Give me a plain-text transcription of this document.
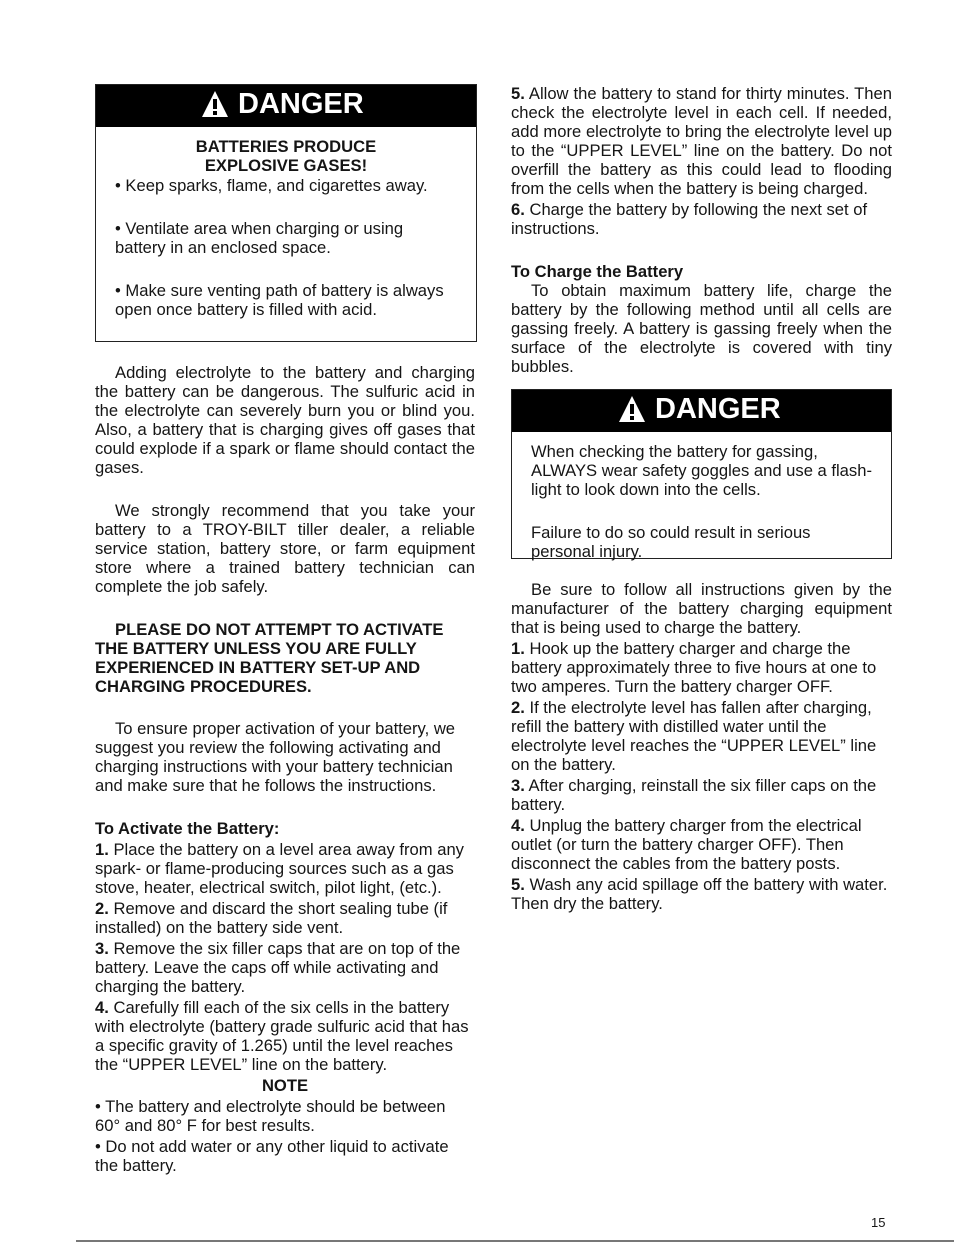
DANGER
BATTERIES PRODUCE
EXPLOSIVE GASES!

• Keep sparks, flame, and cigarettes away.

• Ventilate area when charging or using battery in an enclosed space.

• Make sure venting path of battery is always open once battery is filled with acid.

Adding electrolyte to the battery and charging the battery can be dangerous. The sulfuric acid in the electrolyte can severely burn you or blind you. Also, a battery that is charging gives off gases that could explode if a spark or flame should contact the gases.

We strongly recommend that you take your battery to a TROY-BILT tiller dealer, a reliable service station, battery store, or farm equipment store where a trained battery technician can complete the job safely.

PLEASE DO NOT ATTEMPT TO ACTIVATE THE BATTERY UNLESS YOU ARE FULLY EXPERIENCED IN BATTERY SET-UP AND CHARGING PROCEDURES.

To ensure proper activation of your battery, we suggest you review the following activating and charging instructions with your battery technician and make sure that he follows the instructions.

To Activate the Battery:

1. Place the battery on a level area away from any spark- or flame-producing sources such as a gas stove, heater, electrical switch, pilot light, (etc.).

2. Remove and discard the short sealing tube (if installed) on the battery side vent.

3. Remove the six filler caps that are on top of the battery. Leave the caps off while activating and charging the battery.

4. Carefully fill each of the six cells in the battery with electrolyte (battery grade sulfuric acid that has a specific gravity of 1.265) until the level reaches the “UPPER LEVEL” line on the battery.

NOTE

• The battery and electrolyte should be between 60° and 80° F for best results.

• Do not add water or any other liquid to activate the battery.

5. Allow the battery to stand for thirty minutes. Then check the electrolyte level in each cell. If needed, add more electrolyte to bring the electrolyte level up to the “UPPER LEVEL” line on the battery. Do not overfill the battery as this could lead to flooding from the cells when the battery is being charged.

6. Charge the battery by following the next set of instructions.

To Charge the Battery

To obtain maximum battery life, charge the battery by the following method until all cells are gassing freely. A battery is gassing freely when the surface of the electrolyte is covered with tiny bubbles.

DANGER

When checking the battery for gassing, ALWAYS wear safety goggles and use a flash-light to look down into the cells.

Failure to do so could result in serious personal injury.

Be sure to follow all instructions given by the manufacturer of the battery charging equipment that is being used to charge the battery.

1. Hook up the battery charger and charge the battery approximately three to five hours at one to two amperes. Turn the battery charger OFF.

2. If the electrolyte level has fallen after charging, refill the battery with distilled water until the electrolyte level reaches the “UPPER LEVEL” line on the battery.

3. After charging, reinstall the six filler caps on the battery.

4. Unplug the battery charger from the electrical outlet (or turn the battery charger OFF). Then disconnect the cables from the battery posts.

5. Wash any acid spillage off the battery with water. Then dry the battery.

15
